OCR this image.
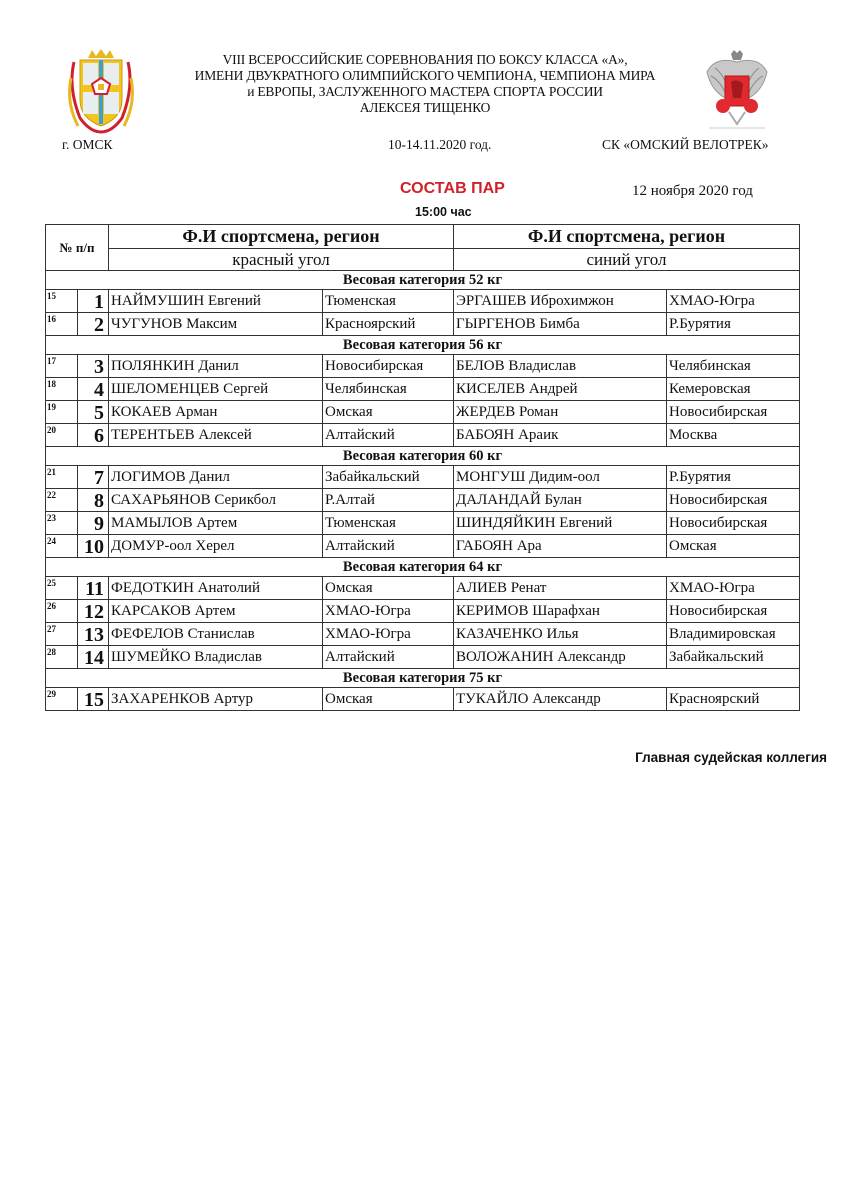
VIII ВСЕРОССИЙСКИЕ СОРЕВНОВАНИЯ ПО БОКСУ КЛАССА «А»,
ИМЕНИ ДВУКРАТНОГО ОЛИМПИЙСКОГО ЧЕМПИОНА, ЧЕМПИОНА МИРА
и ЕВРОПЫ, ЗАСЛУЖЕННОГО МАСТЕРА СПОРТА РОССИИ
АЛЕКСЕЯ ТИЩЕНКО
г. ОМСК	10-14.11.2020 год.	СК «ОМСКИЙ ВЕЛОТРЕК»
СОСТАВ ПАР	12 ноября 2020 год
15:00 час
№ п/п		Ф.И спортсмена, регион		Ф.И спортсмена, регион	
		красный угол		синий угол	
Весовая категория 52 кг					
15	1	НАЙМУШИН Евгений	Тюменская	ЭРГАШЕВ Иброхимжон	ХМАО-Югра
16	2	ЧУГУНОВ Максим	Красноярский	ГЫРГЕНОВ Бимба	Р.Бурятия
Весовая категория 56 кг					
17	3	ПОЛЯНКИН Данил	Новосибирская	БЕЛОВ Владислав	Челябинская
18	4	ШЕЛОМЕНЦЕВ Сергей	Челябинская	КИСЕЛЕВ Андрей	Кемеровская
19	5	КОКАЕВ Арман	Омская	ЖЕРДЕВ Роман	Новосибирская
20	6	ТЕРЕНТЬЕВ Алексей	Алтайский	БАБОЯН Араик	Москва
Весовая категория 60 кг					
21	7	ЛОГИМОВ Данил	Забайкальский	МОНГУШ Дидим-оол	Р.Бурятия
22	8	САХАРЬЯНОВ Серикбол	Р.Алтай	ДАЛАНДАЙ Булан	Новосибирская
23	9	МАМЫЛОВ Артем	Тюменская	ШИНДЯЙКИН Евгений	Новосибирская
24	10	ДОМУР-оол Херел	Алтайский	ГАБОЯН Ара	Омская
Весовая категория 64 кг					
25	11	ФЕДОТКИН Анатолий	Омская	АЛИЕВ Ренат	ХМАО-Югра
26	12	КАРСАКОВ Артем	ХМАО-Югра	КЕРИМОВ Шарафхан	Новосибирская
27	13	ФЕФЕЛОВ Станислав	ХМАО-Югра	КАЗАЧЕНКО Илья	Владимировская
28	14	ШУМЕЙКО Владислав	Алтайский	ВОЛОЖАНИН Александр	Забайкальский
Весовая категория 75 кг					
29	15	ЗАХАРЕНКОВ Артур	Омская	ТУКАЙЛО Александр	Красноярский
Главная судейская коллегия
